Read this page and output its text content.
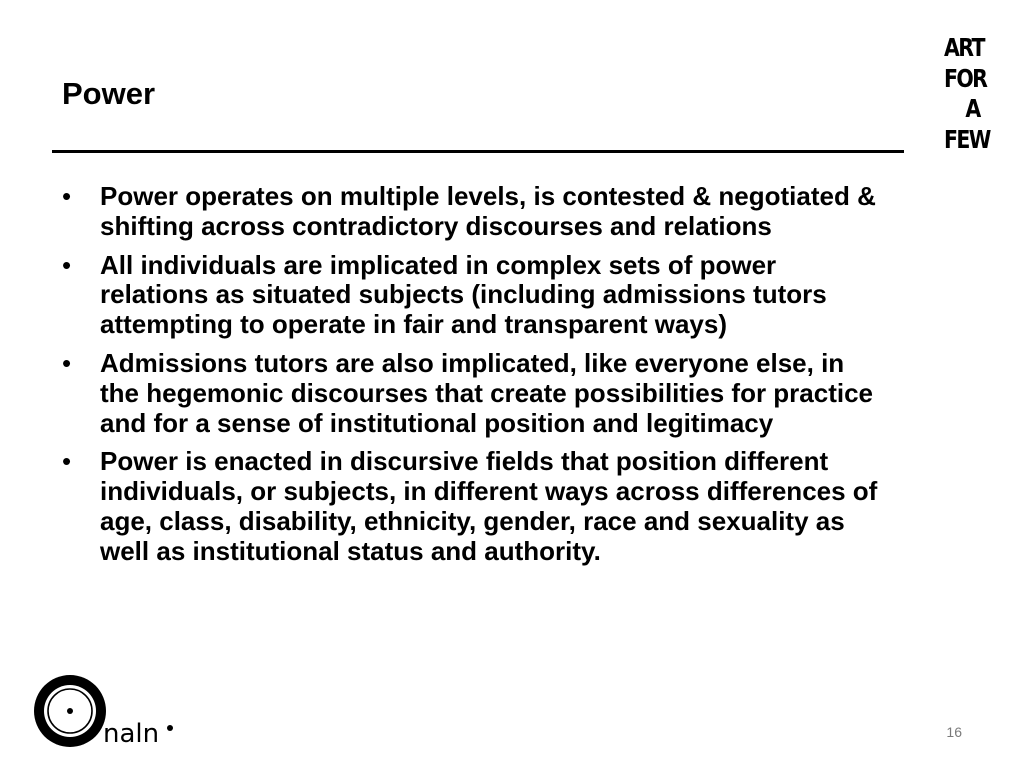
Power
ART
FOR
A
FEW
• Power operates on multiple levels, is contested & negotiated & shifting across contradictory discourses and relations
• All individuals are implicated in complex sets of power relations as situated subjects (including admissions tutors attempting to operate in fair and transparent ways)
• Admissions tutors are also implicated, like everyone else, in the hegemonic discourses that create possibilities for practice and for a sense of institutional position and legitimacy
• Power is enacted in discursive fields that position different individuals, or subjects, in different ways across differences of age, class, disability, ethnicity, gender, race and sexuality as well as institutional status and authority.
naln	16
